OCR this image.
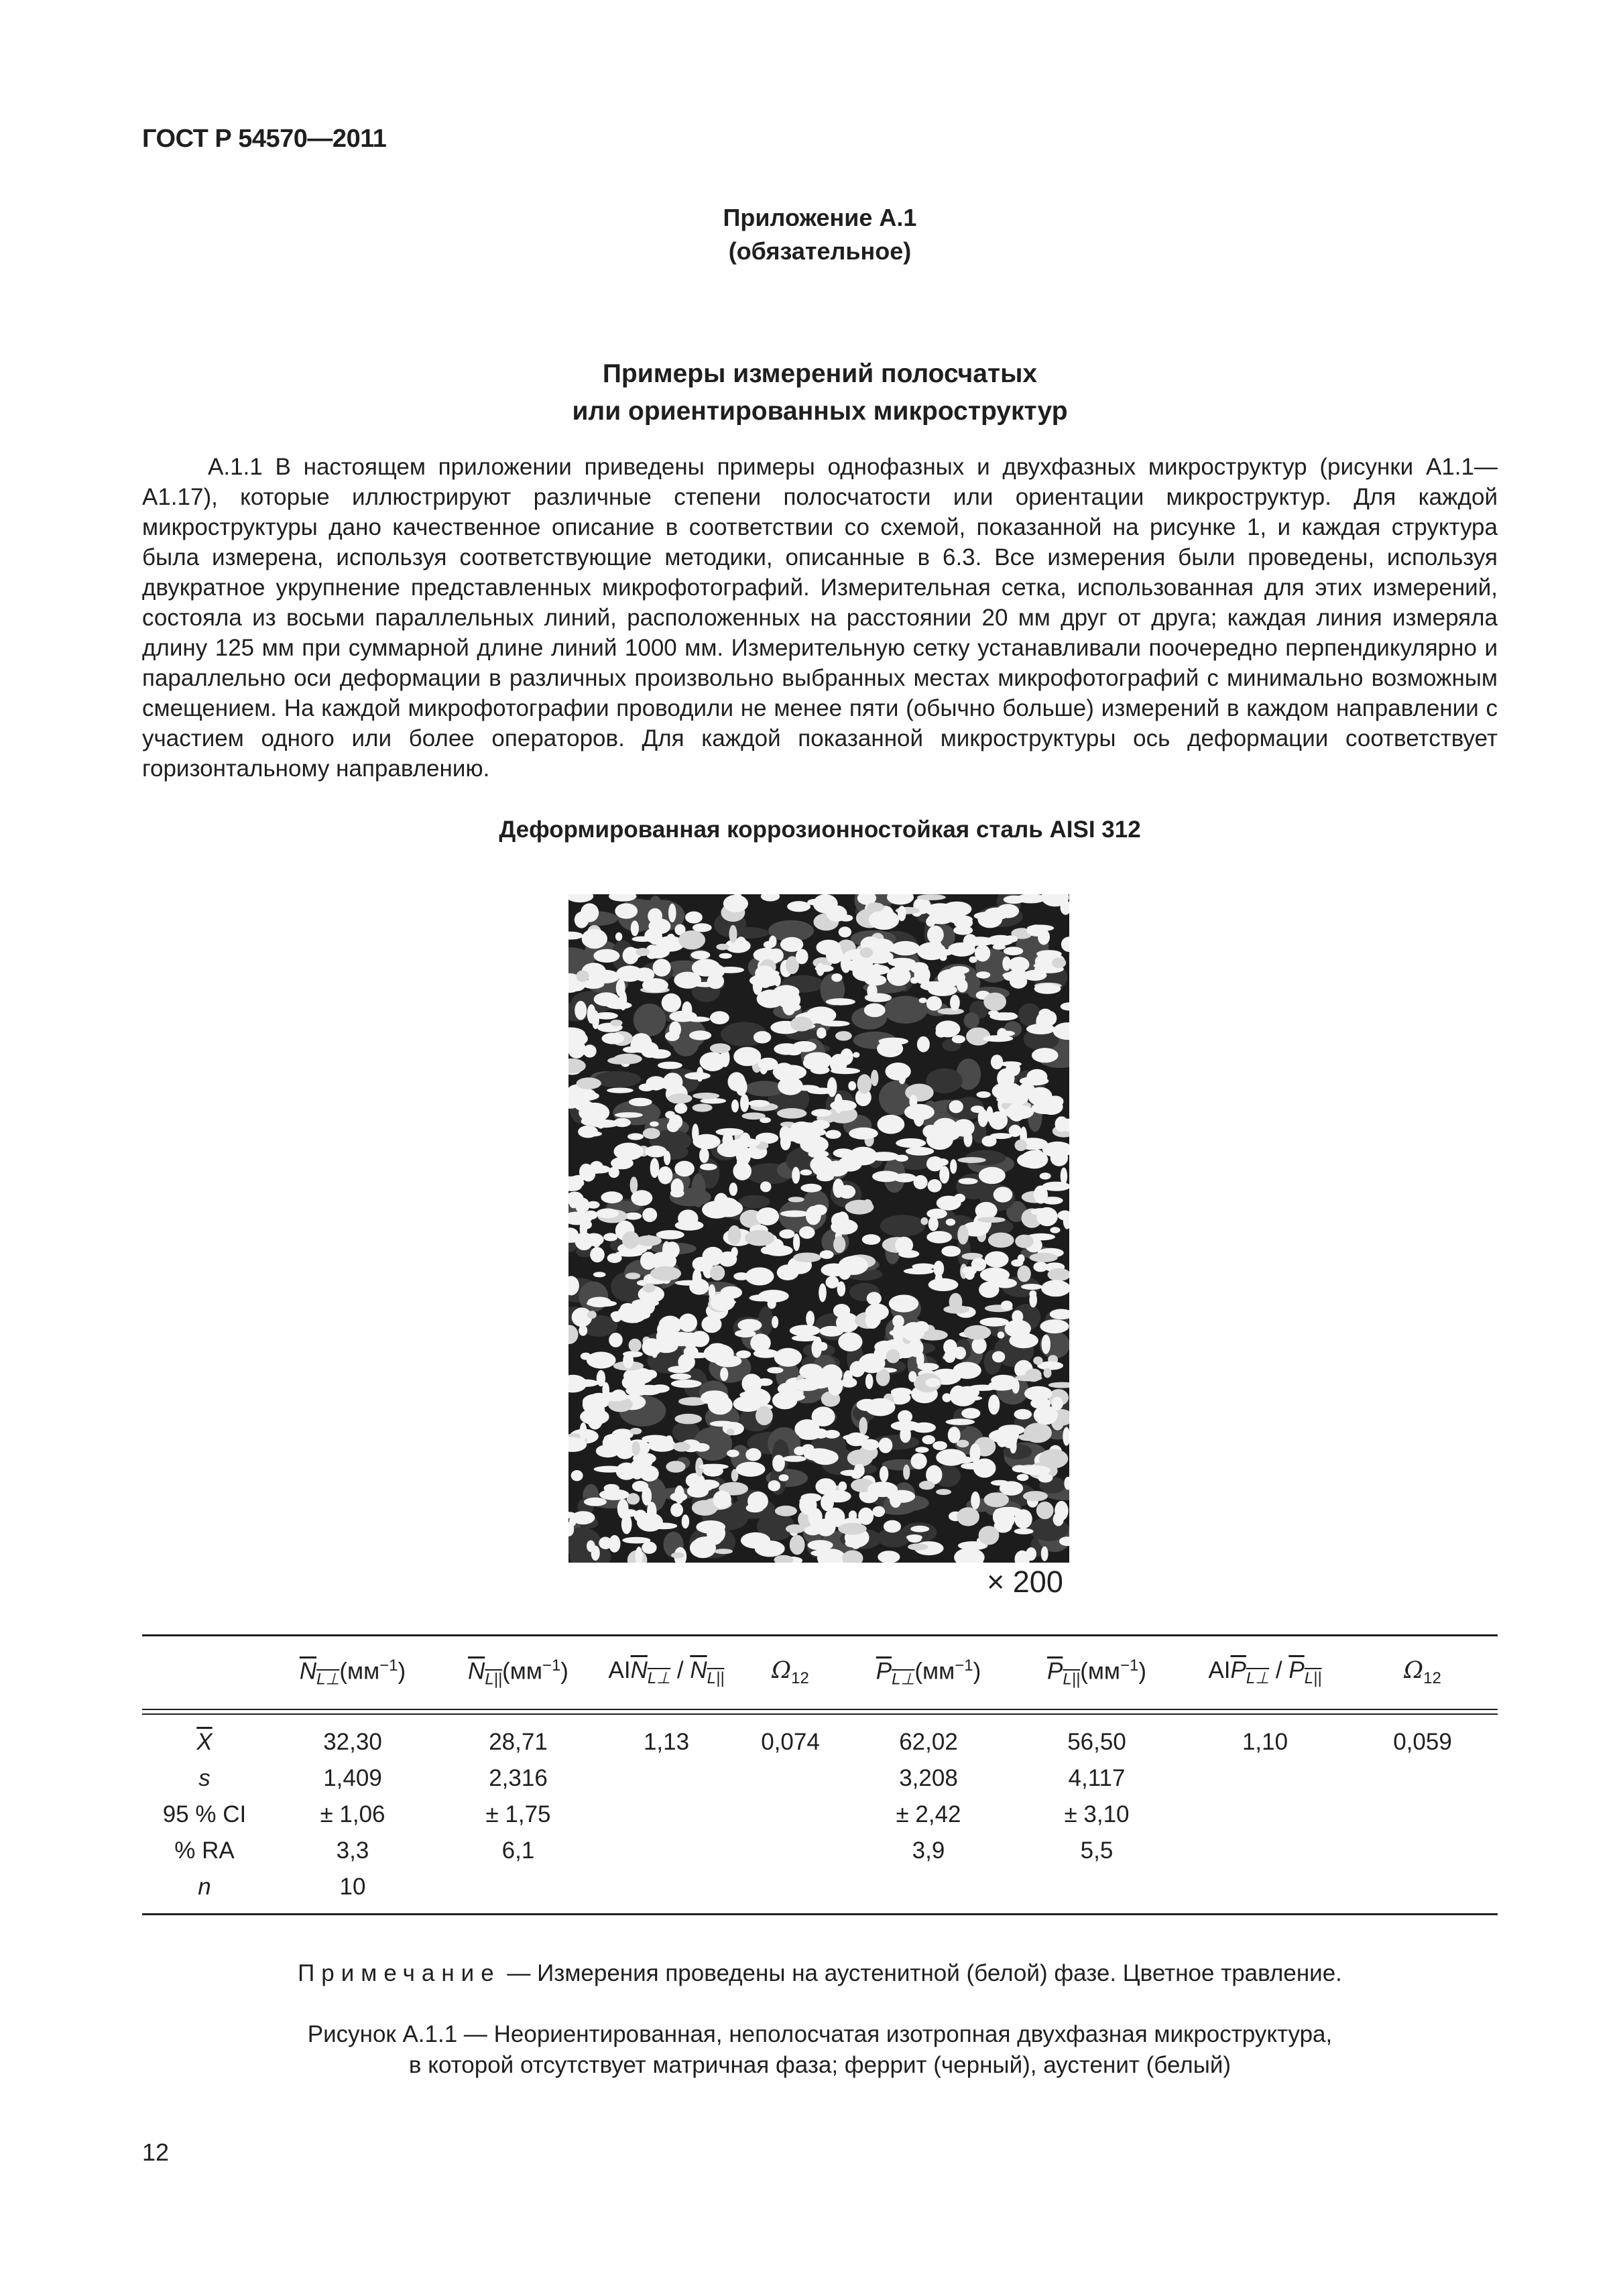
ГОСТ Р 54570—2011
Приложение А.1
(обязательное)
Примеры измерений полосчатых
или ориентированных микроструктур

А.1.1 В настоящем приложении приведены примеры однофазных и двухфазных микроструктур (рисунки А1.1—А1.17), которые иллюстрируют различные степени полосчатости или ориентации микроструктур. Для каждой микроструктуры дано качественное описание в соответствии со схемой, показанной на рисунке 1, и каждая структура была измерена, используя соответствующие методики, описанные в 6.3. Все измерения были проведены, используя двукратное укрупнение представленных микрофотографий. Измерительная сетка, использованная для этих измерений, состояла из восьми параллельных линий, расположенных на расстоянии 20 мм друг от друга; каждая линия измеряла длину 125 мм при суммарной длине линий 1000 мм. Измерительную сетку устанавливали поочередно перпендикулярно и параллельно оси деформации в различных произвольно выбранных местах микрофотографий с минимально возможным смещением. На каждой микрофотографии проводили не менее пяти (обычно больше) измерений в каждом направлении с участием одного или более операторов. Для каждой показанной микроструктуры ось деформации соответствует горизонтальному направлению.

Деформированная коррозионностойкая сталь AISI 312
× 200
	$\overline{N}_{L\perp}(мм^{-1})$	$\overline{N}_{L||}(мм^{-1})$	$AI\overline{N}_{L\perp} / \overline{N}_{L||}$	$\Omega_{12}$	$\overline{P}_{L\perp}(мм^{-1})$	$\overline{P}_{L||}(мм^{-1})$	$AI\overline{P}_{L\perp} / \overline{P}_{L||}$	$\Omega_{12}$

$\overline{X}$	32,30	28,71	1,13	0,074	62,02	56,50	1,10	0,059
s	1,409	2,316			3,208	4,117		
95 % CI	± 1,06	± 1,75			± 2,42	± 3,10		
% RA	3,3	6,1			3,9	5,5		
n	10							
Примечание — Измерения проведены на аустенитной (белой) фазе. Цветное травление.
Рисунок А.1.1 — Неориентированная, неполосчатая изотропная двухфазная микроструктура,
в которой отсутствует матричная фаза; феррит (черный), аустенит (белый)
12
